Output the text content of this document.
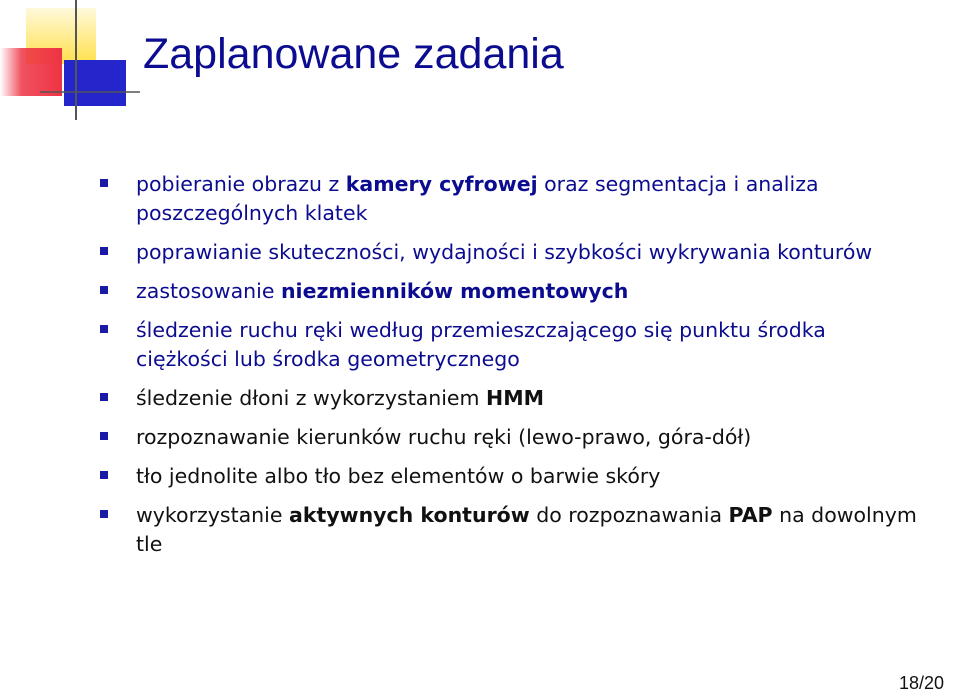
Zaplanowane zadania
pobieranie obrazu z kamery cyfrowej oraz segmentacja i analiza poszczególnych klatek
poprawianie skuteczności, wydajności i szybkości wykrywania konturów
zastosowanie niezmienników momentowych
śledzenie ruchu ręki według przemieszczającego się punktu środka ciężkości lub środka geometrycznego
śledzenie dłoni z wykorzystaniem HMM
rozpoznawanie kierunków ruchu ręki (lewo-prawo, góra-dół)
tło jednolite albo tło bez elementów o barwie skóry
wykorzystanie aktywnych konturów do rozpoznawania PAP na dowolnym tle
18/20
